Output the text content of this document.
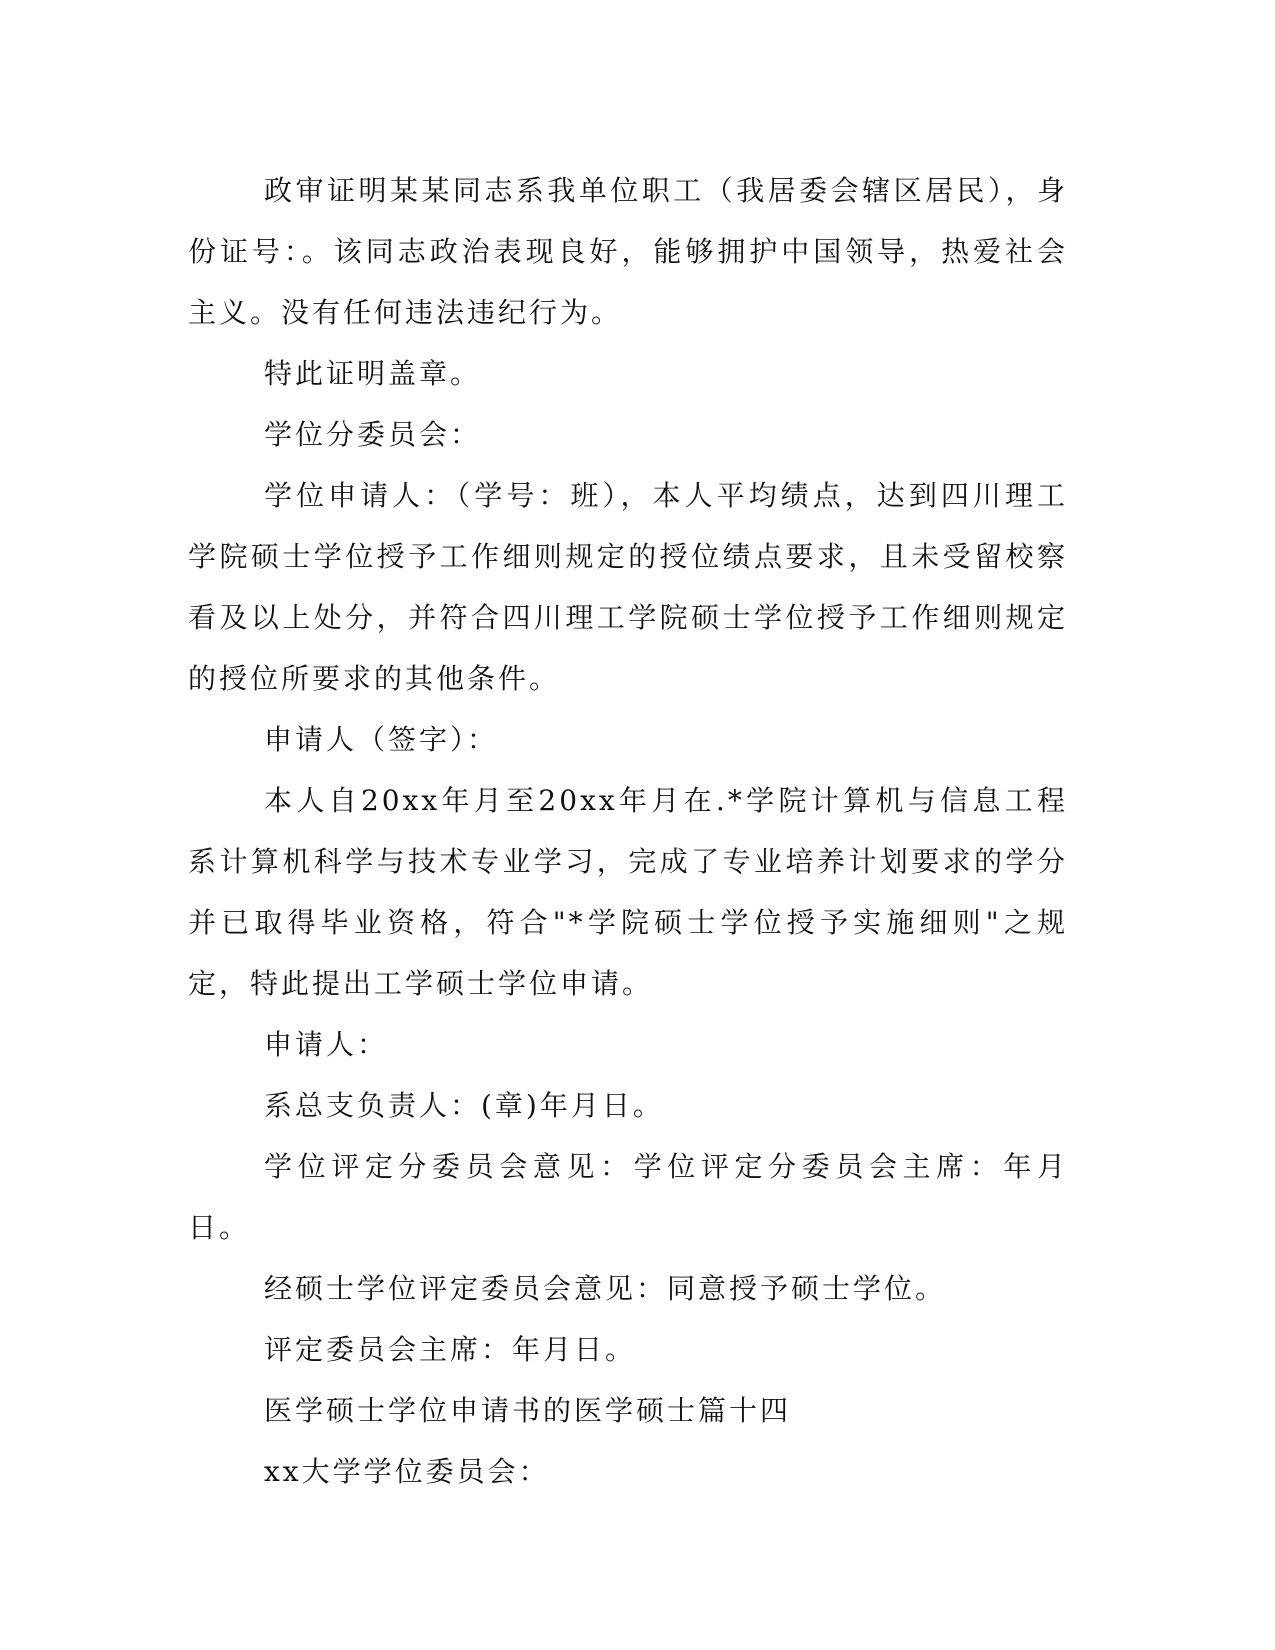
政审证明某某同志系我单位职工（我居委会辖区居民），身份证号：。该同志政治表现良好，能够拥护中国领导，热爱社会主义。没有任何违法违纪行为。

特此证明盖章。

学位分委员会：

学位申请人：（学号：班），本人平均绩点，达到四川理工学院硕士学位授予工作细则规定的授位绩点要求，且未受留校察看及以上处分，并符合四川理工学院硕士学位授予工作细则规定的授位所要求的其他条件。

申请人（签字）：

本人自20xx年月至20xx年月在.*学院计算机与信息工程系计算机科学与技术专业学习，完成了专业培养计划要求的学分并已取得毕业资格，符合"*学院硕士学位授予实施细则"之规定，特此提出工学硕士学位申请。

申请人：

系总支负责人：(章)年月日。

学位评定分委员会意见：学位评定分委员会主席：年月日。

经硕士学位评定委员会意见：同意授予硕士学位。

评定委员会主席：年月日。

医学硕士学位申请书的医学硕士篇十四

xx大学学位委员会：
